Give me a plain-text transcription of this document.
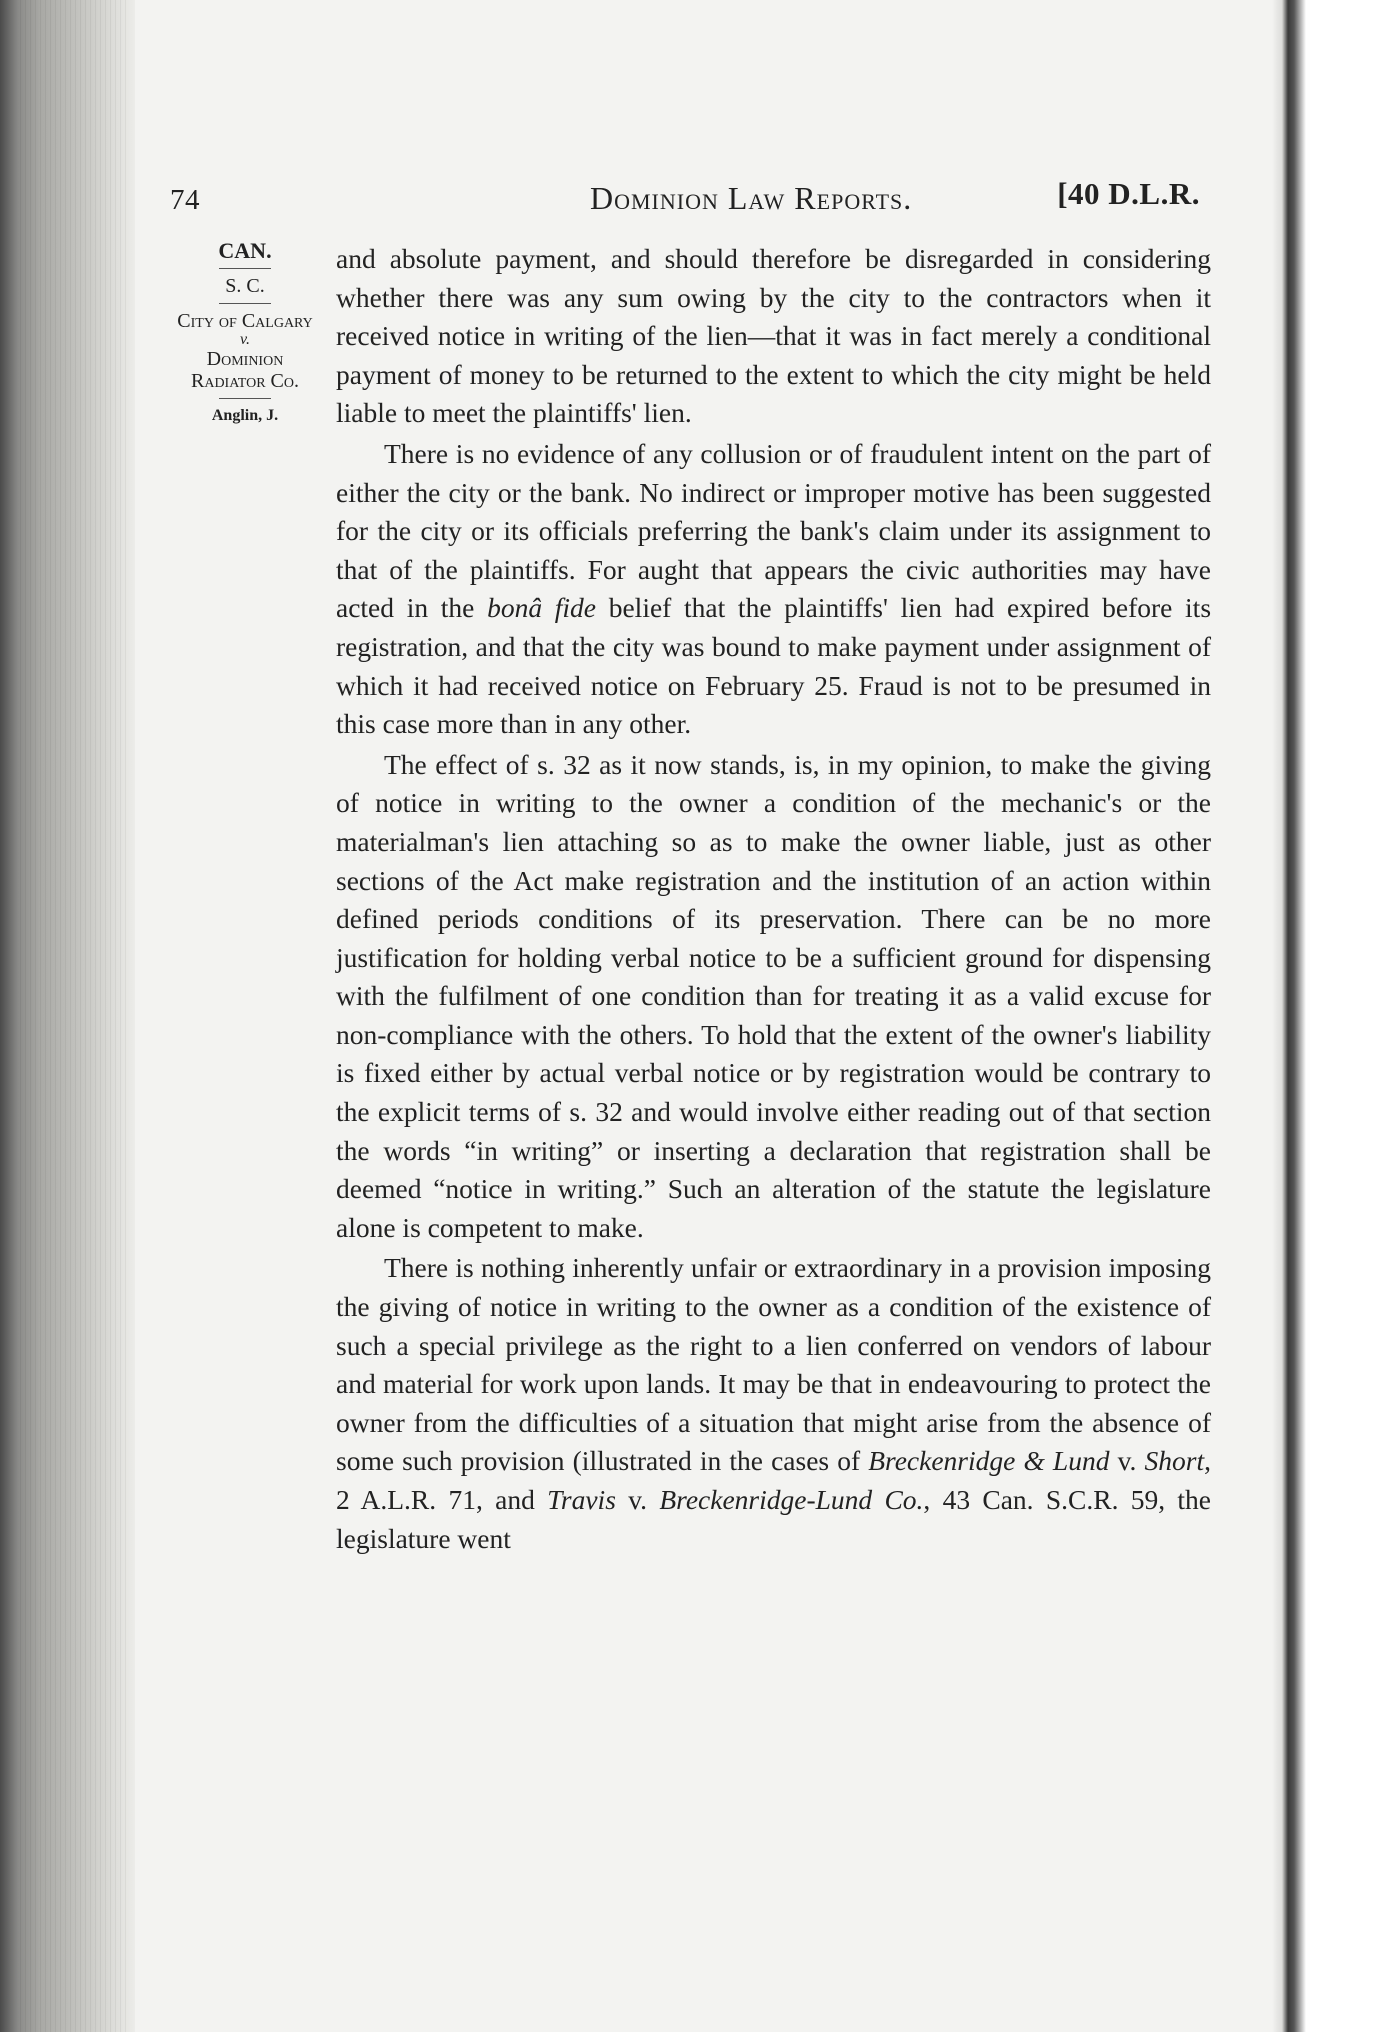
74	Dominion Law Reports.	[40 D.L.R.
CAN.
S. C.
City of Calgary
v.
Dominion Radiator Co.
Anglin, J.

and absolute payment, and should therefore be disregarded in considering whether there was any sum owing by the city to the contractors when it received notice in writing of the lien—that it was in fact merely a conditional payment of money to be returned to the extent to which the city might be held liable to meet the plaintiffs' lien.

There is no evidence of any collusion or of fraudulent intent on the part of either the city or the bank. No indirect or improper motive has been suggested for the city or its officials preferring the bank's claim under its assignment to that of the plaintiffs. For aught that appears the civic authorities may have acted in the bonâ fide belief that the plaintiffs' lien had expired before its registration, and that the city was bound to make payment under assignment of which it had received notice on February 25. Fraud is not to be presumed in this case more than in any other.

The effect of s. 32 as it now stands, is, in my opinion, to make the giving of notice in writing to the owner a condition of the mechanic's or the materialman's lien attaching so as to make the owner liable, just as other sections of the Act make registration and the institution of an action within defined periods conditions of its preservation. There can be no more justification for holding verbal notice to be a sufficient ground for dispensing with the fulfilment of one condition than for treating it as a valid excuse for non-compliance with the others. To hold that the extent of the owner's liability is fixed either by actual verbal notice or by registration would be contrary to the explicit terms of s. 32 and would involve either reading out of that section the words “in writing” or inserting a declaration that registration shall be deemed “notice in writing.” Such an alteration of the statute the legislature alone is competent to make.

There is nothing inherently unfair or extraordinary in a provision imposing the giving of notice in writing to the owner as a condition of the existence of such a special privilege as the right to a lien conferred on vendors of labour and material for work upon lands. It may be that in endeavouring to protect the owner from the difficulties of a situation that might arise from the absence of some such provision (illustrated in the cases of Breckenridge & Lund v. Short, 2 A.L.R. 71, and Travis v. Breckenridge-Lund Co., 43 Can. S.C.R. 59, the legislature went
